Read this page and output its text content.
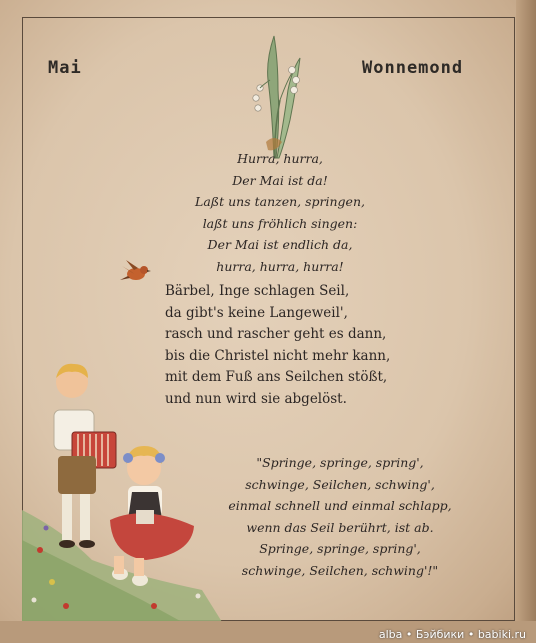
Mai	Wonnemond
Hurra, hurra,
Der Mai ist da!
Laßt uns tanzen, springen,
laßt uns fröhlich singen:
Der Mai ist endlich da,
hurra, hurra, hurra!
Bärbel, Inge schlagen Seil,
da gibt's keine Langeweil',
rasch und rascher geht es dann,
bis die Christel nicht mehr kann,
mit dem Fuß ans Seilchen stößt,
und nun wird sie abgelöst.
"Springe, springe, spring',
schwinge, Seilchen, schwing',
einmal schnell und einmal schlapp,
wenn das Seil berührt, ist ab.
Springe, springe, spring',
schwinge, Seilchen, schwing'!"
alba • Бэйбики • babiki.ru
